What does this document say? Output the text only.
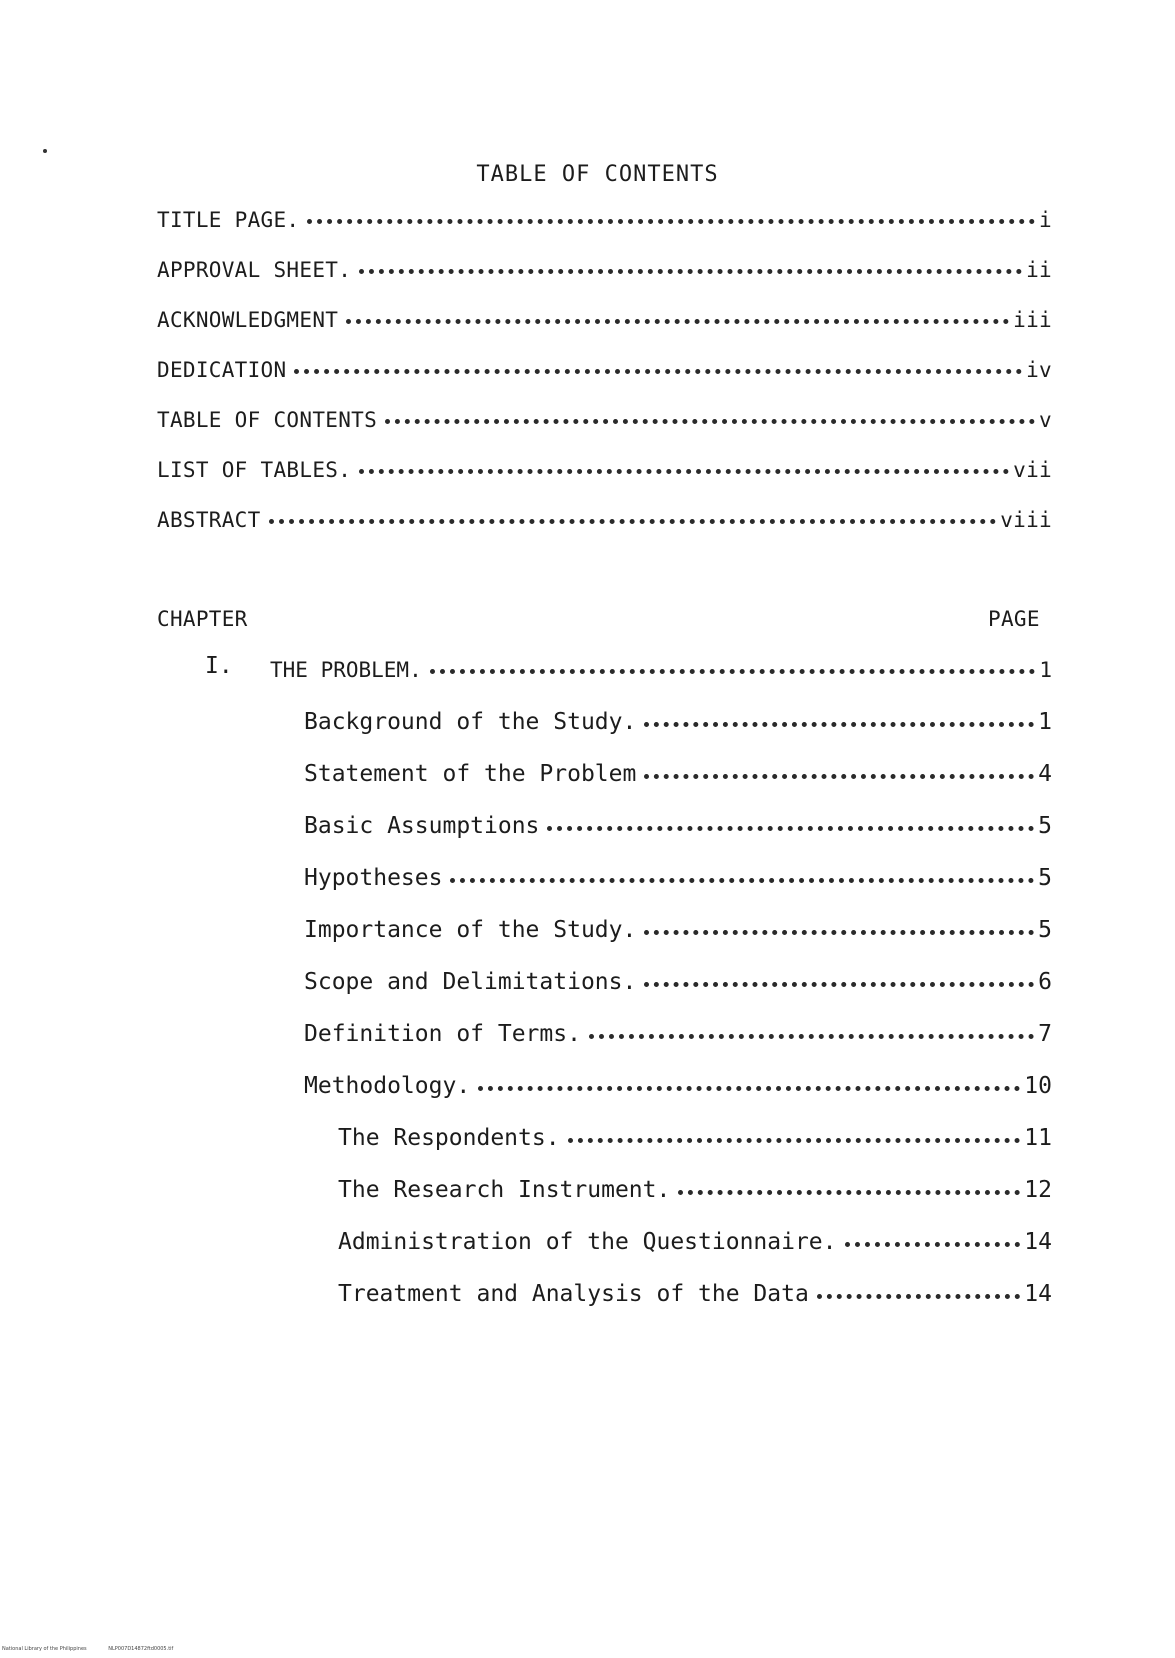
TABLE OF CONTENTS
TITLE PAGE.	i
APPROVAL SHEET.	ii
ACKNOWLEDGMENT	iii
DEDICATION	iv
TABLE OF CONTENTS	v
LIST OF TABLES.	vii
ABSTRACT	viii
CHAPTER	PAGE
I. THE PROBLEM.	1
Background of the Study.	1
Statement of the Problem	4
Basic Assumptions	5
Hypotheses	5
Importance of the Study.	5
Scope and Delimitations.	6
Definition of Terms.	7
Methodology.	10
The Respondents.	11
The Research Instrument.	12
Administration of the Questionnaire.	14
Treatment and Analysis of the Data	14
National Library of the Philippines	NLP007D14872ftd0005.tif
